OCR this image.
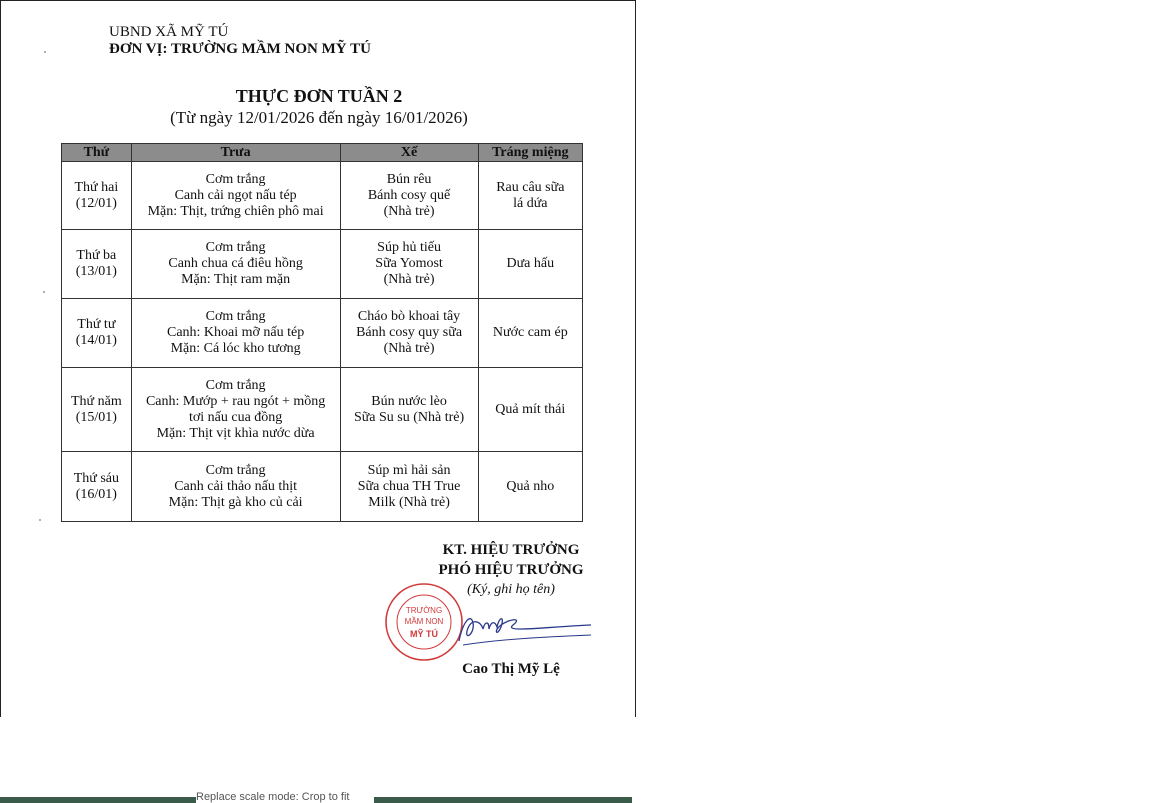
UBND XÃ MỸ TÚ
ĐƠN VỊ: TRƯỜNG MẦM NON MỸ TÚ
THỰC ĐƠN TUẦN 2
(Từ ngày 12/01/2026 đến ngày 16/01/2026)
Thứ	Trưa	Xế	Tráng miệng

Thứ hai
(12/01)	Cơm trắng
Canh cải ngọt nấu tép
Mặn: Thịt, trứng chiên phô mai	Bún rêu
Bánh cosy quế
(Nhà trẻ)	Rau câu sữa
lá dứa

Thứ ba
(13/01)	Cơm trắng
Canh chua cá điêu hồng
Mặn: Thịt ram mặn	Súp hủ tiếu
Sữa Yomost
(Nhà trẻ)	Dưa hấu

Thứ tư
(14/01)	Cơm trắng
Canh: Khoai mỡ nấu tép
Mặn: Cá lóc kho tương	Cháo bò khoai tây
Bánh cosy quy sữa
(Nhà trẻ)	Nước cam ép

Thứ năm
(15/01)	Cơm trắng
Canh: Mướp + rau ngót + mồng
tơi nấu cua đồng
Mặn: Thịt vịt khìa nước dừa	Bún nước lèo
Sữa Su su (Nhà trẻ)	Quả mít thái

Thứ sáu
(16/01)	Cơm trắng
Canh cải thảo nấu thịt
Mặn: Thịt gà kho củ cải	Súp mì hải sản
Sữa chua TH True
Milk (Nhà trẻ)	Quả nho
KT. HIỆU TRƯỞNG
PHÓ HIỆU TRƯỞNG
(Ký, ghi họ tên)
TRƯỜNG
MẦM NON
MỸ TÚ
Cao Thị Mỹ Lệ
Replace scale mode: Crop to fit
